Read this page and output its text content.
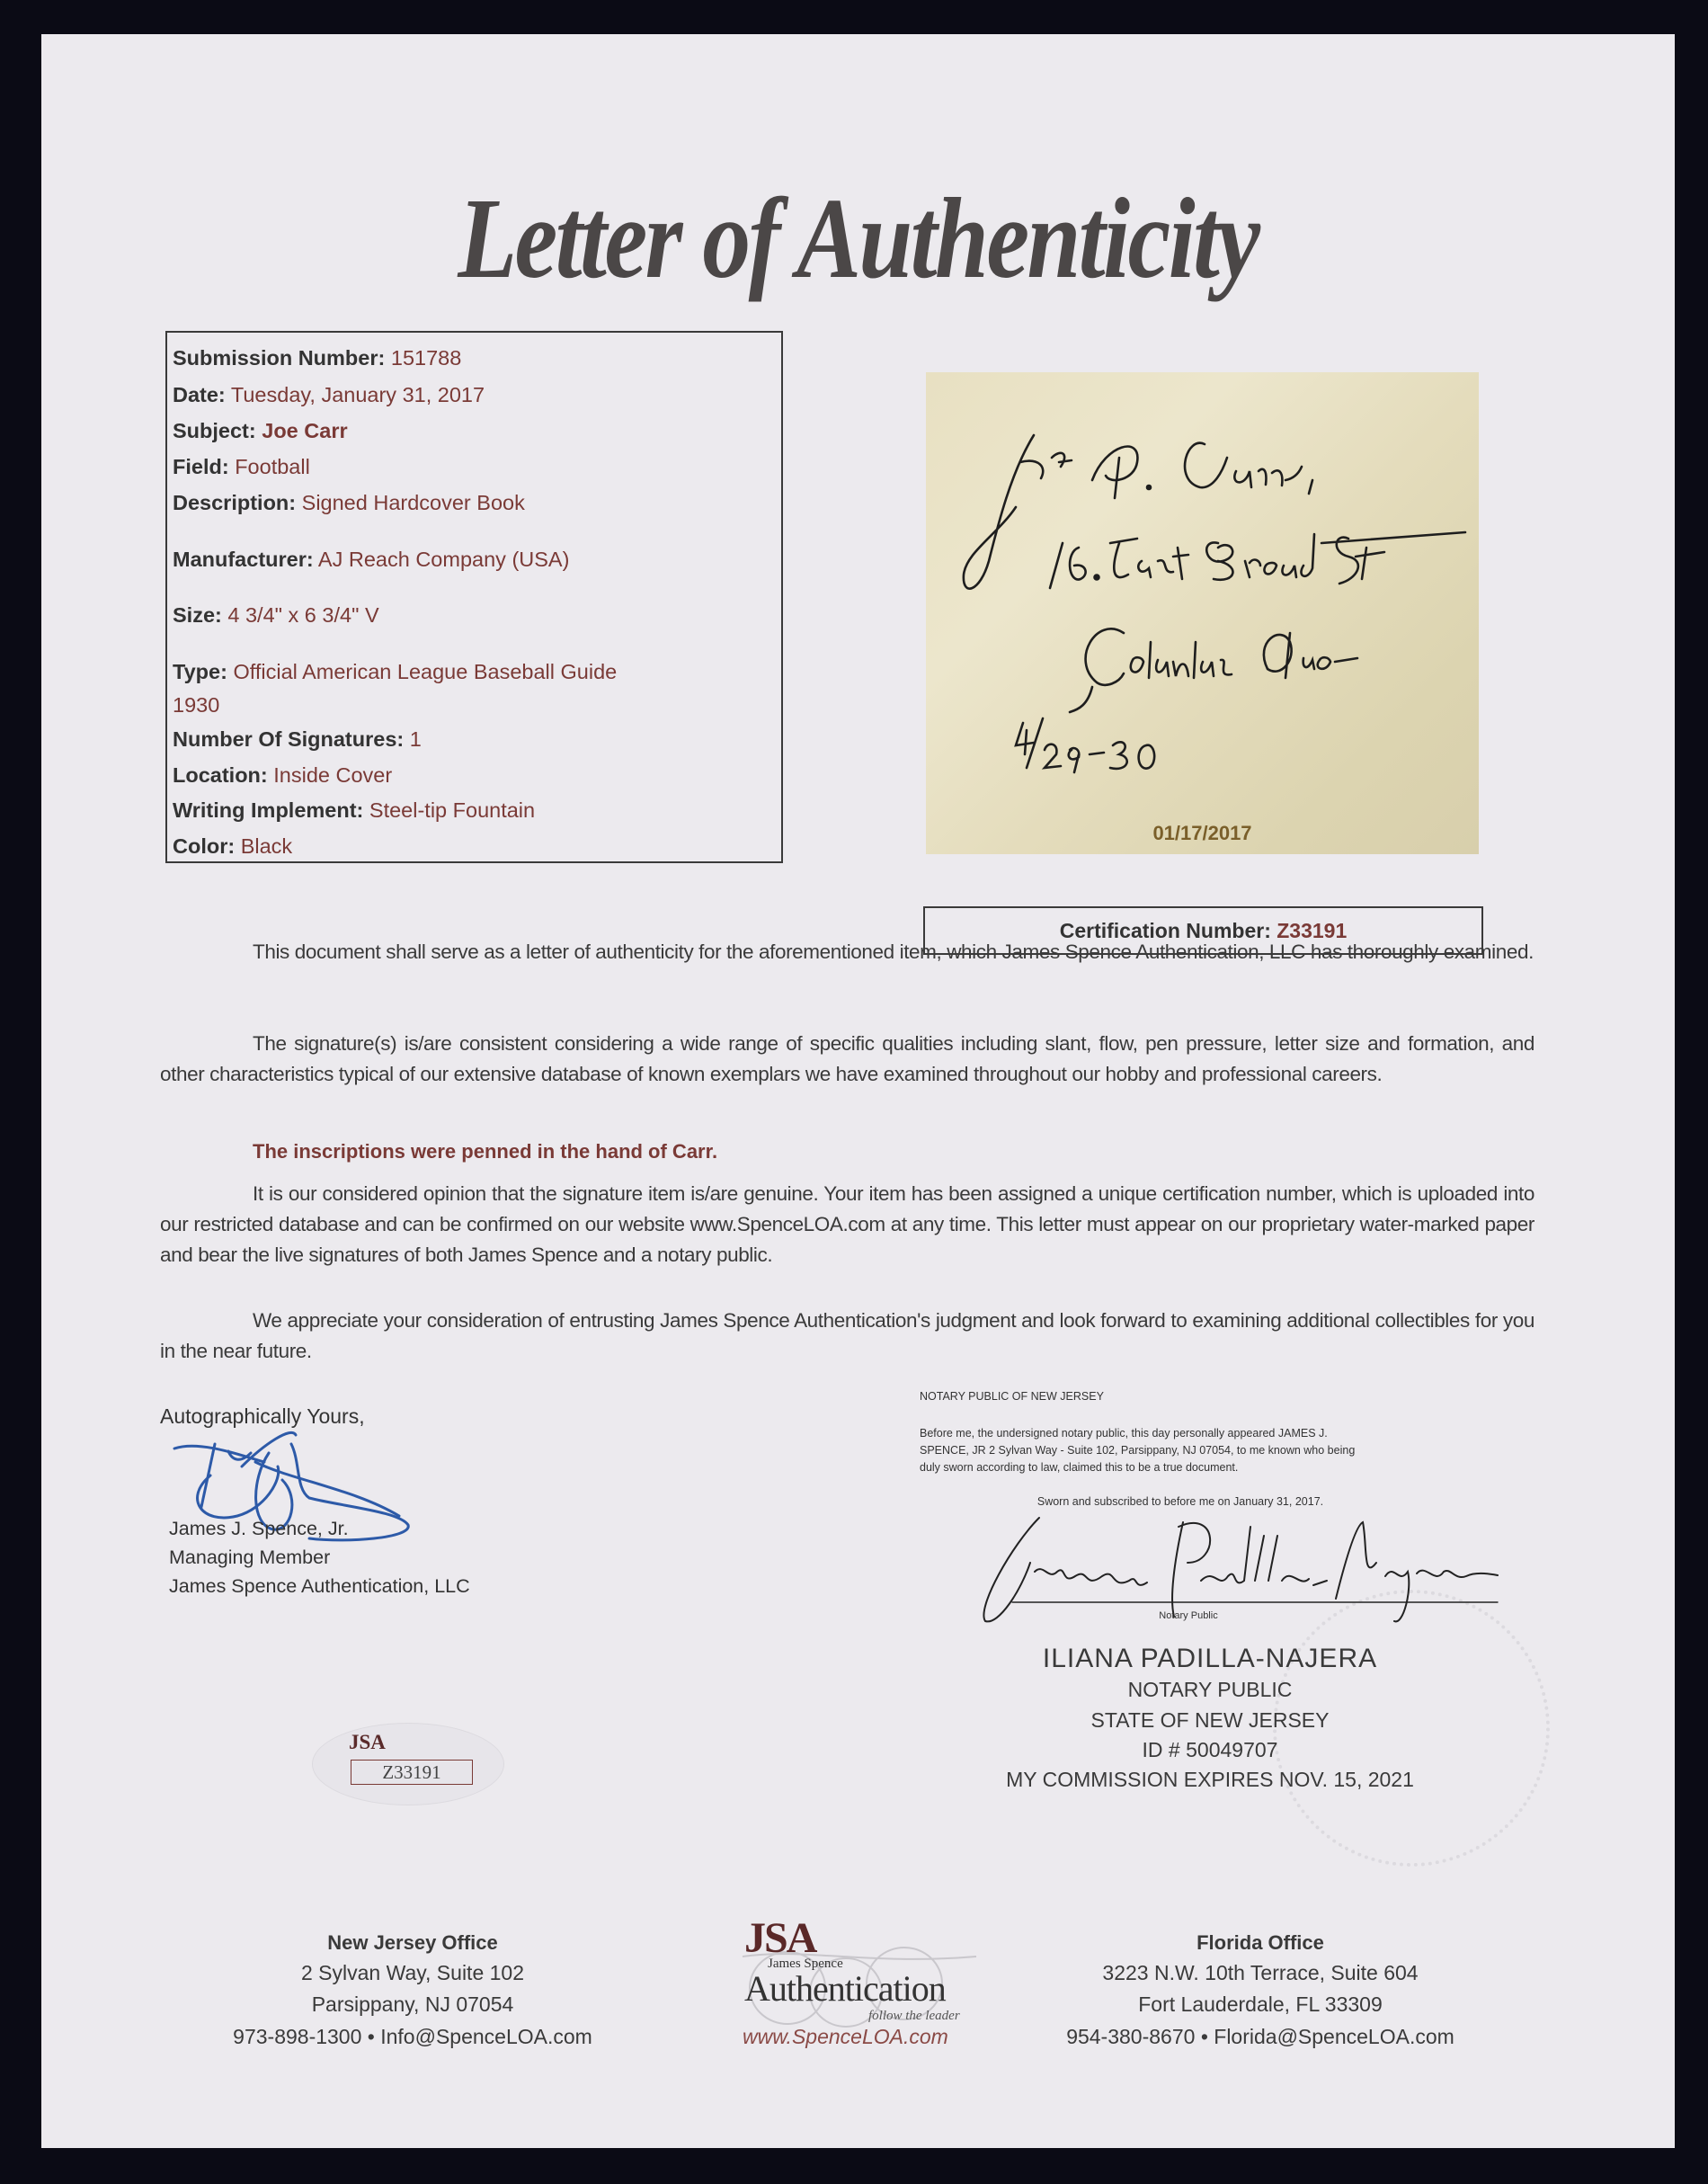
Letter of Authenticity
Submission Number: 151788
Date: Tuesday, January 31, 2017
Subject: Joe Carr
Field: Football
Description: Signed Hardcover Book
Manufacturer: AJ Reach Company (USA)
Size: 4 3/4" x 6 3/4" V
Type: Official American League Baseball Guide
1930
Number Of Signatures: 1
Location: Inside Cover
Writing Implement: Steel-tip Fountain
Color: Black
01/17/2017
Certification Number: Z33191
This document shall serve as a letter of authenticity for the aforementioned item, which James Spence Authentication, LLC has thoroughly examined.
The signature(s) is/are consistent considering a wide range of specific qualities including slant, flow, pen pressure, letter size and formation, and other characteristics typical of our extensive database of known exemplars we have examined throughout our hobby and professional careers.
The inscriptions were penned in the hand of Carr.
It is our considered opinion that the signature item is/are genuine. Your item has been assigned a unique certification number, which is uploaded into our restricted database and can be confirmed on our website www.SpenceLOA.com at any time. This letter must appear on our proprietary water-marked paper and bear the live signatures of both James Spence and a notary public.
We appreciate your consideration of entrusting James Spence Authentication's judgment and look forward to examining additional collectibles for you in the near future.
Autographically Yours,
James J. Spence, Jr.
Managing Member
James Spence Authentication, LLC
JSA
Z33191
NOTARY PUBLIC OF NEW JERSEY
Before me, the undersigned notary public, this day personally appeared JAMES J.
SPENCE, JR 2 Sylvan Way - Suite 102, Parsippany, NJ 07054, to me known who being
duly sworn according to law, claimed this to be a true document.
Sworn and subscribed to before me on January 31, 2017.
Notary Public
ILIANA PADILLA-NAJERA
NOTARY PUBLIC
STATE OF NEW JERSEY
ID # 50049707
MY COMMISSION EXPIRES NOV. 15, 2021
New Jersey Office
2 Sylvan Way, Suite 102
Parsippany, NJ 07054
973-898-1300 • Info@SpenceLOA.com
JSA
James Spence
Authentication
follow the leader
www.SpenceLOA.com
Florida Office
3223 N.W. 10th Terrace, Suite 604
Fort Lauderdale, FL 33309
954-380-8670 • Florida@SpenceLOA.com
